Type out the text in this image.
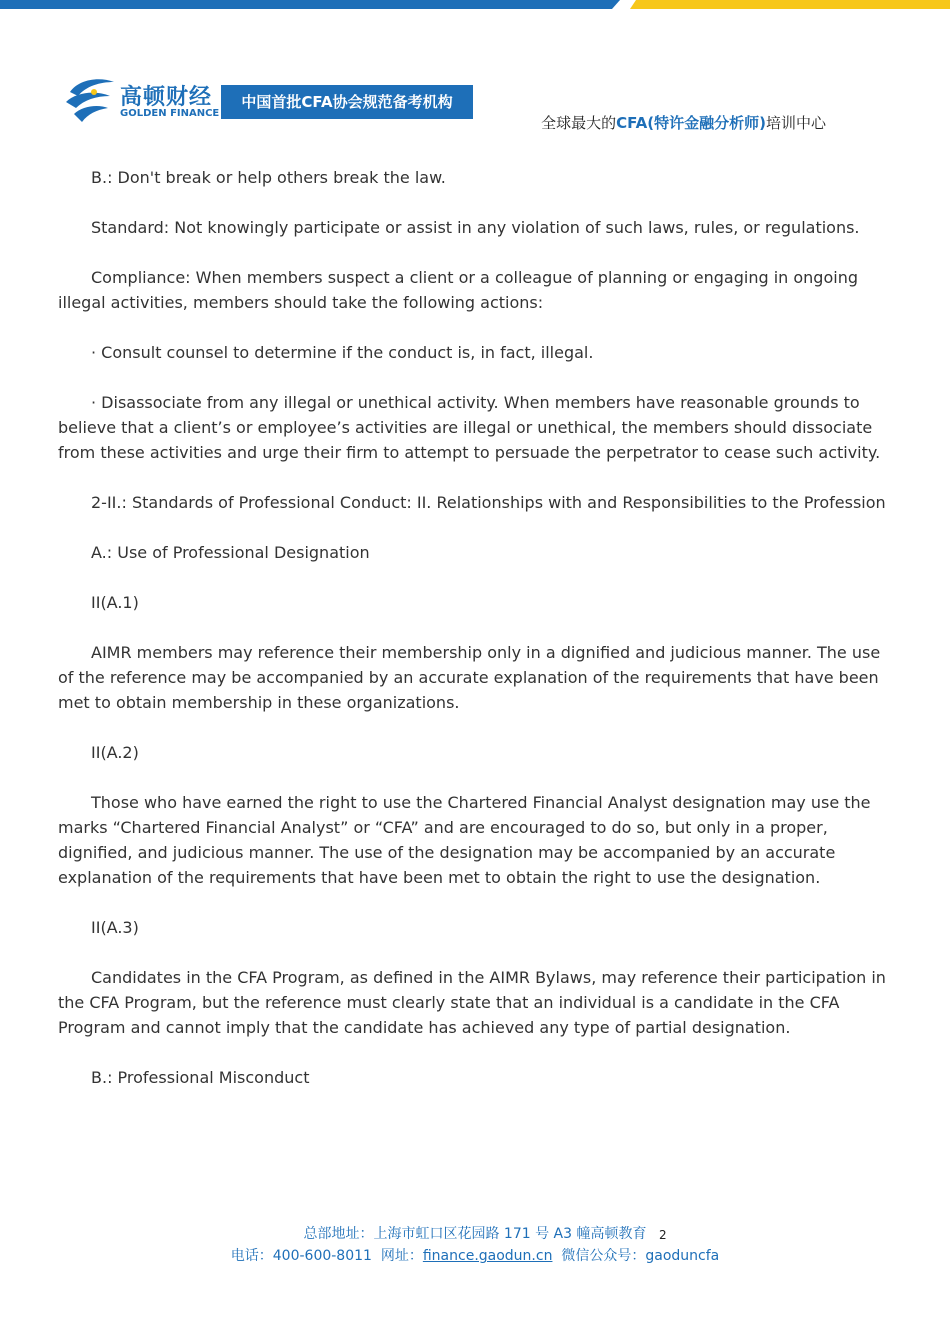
高顿财经
GOLDEN FINANCE
中国首批CFA协会规范备考机构
全球最大的CFA(特许金融分析师)培训中心

B.: Don't break or help others break the law.

Standard: Not knowingly participate or assist in any violation of such laws, rules, or regulations.

Compliance: When members suspect a client or a colleague of planning or engaging in ongoing illegal activities, members should take the following actions:

· Consult counsel to determine if the conduct is, in fact, illegal.

· Disassociate from any illegal or unethical activity. When members have reasonable grounds to believe that a client’s or employee’s activities are illegal or unethical, the members should dissociate from these activities and urge their firm to attempt to persuade the perpetrator to cease such activity.

2-II.: Standards of Professional Conduct: II. Relationships with and Responsibilities to the Profession

A.: Use of Professional Designation

II(A.1)

AIMR members may reference their membership only in a dignified and judicious manner. The use of the reference may be accompanied by an accurate explanation of the requirements that have been met to obtain membership in these organizations.

II(A.2)

Those who have earned the right to use the Chartered Financial Analyst designation may use the marks “Chartered Financial Analyst” or “CFA” and are encouraged to do so, but only in a proper, dignified, and judicious manner. The use of the designation may be accompanied by an accurate explanation of the requirements that have been met to obtain the right to use the designation.

II(A.3)

Candidates in the CFA Program, as defined in the AIMR Bylaws, may reference their participation in the CFA Program, but the reference must clearly state that an individual is a candidate in the CFA Program and cannot imply that the candidate has achieved any type of partial designation.

B.: Professional Misconduct

总部地址：上海市虹口区花园路 171 号 A3 幢高顿教育	2
电话：400-600-8011 网址：finance.gaodun.cn 微信公众号：gaoduncfa
